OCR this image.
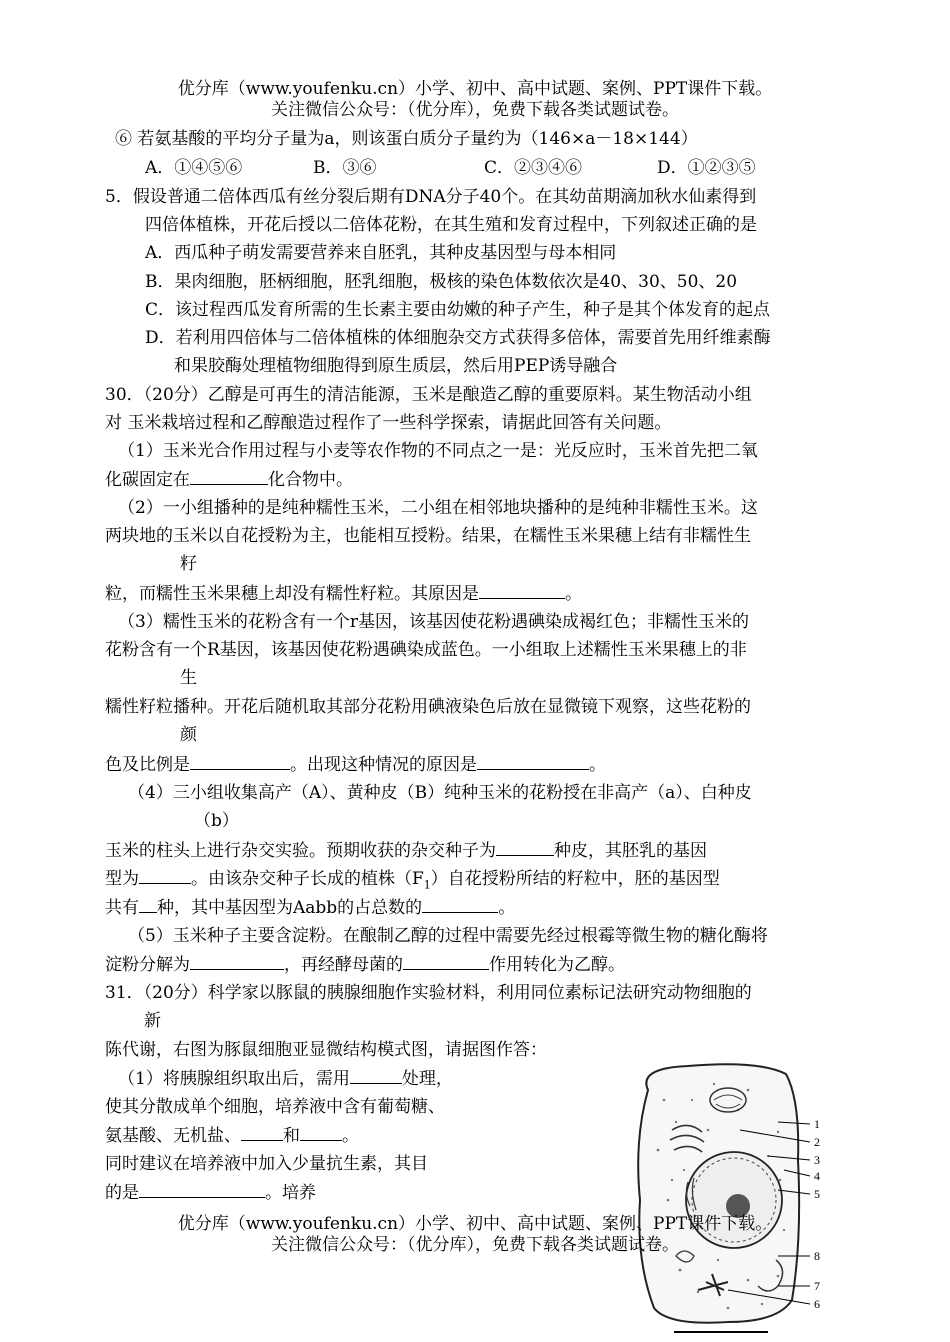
优分库（www.youfenku.cn）小学、初中、高中试题、案例、PPT课件下载。
关注微信公众号：（优分库），免费下载各类试题试卷。
⑥ 若氨基酸的平均分子量为a，则该蛋白质分子量约为（146×a－18×144）
A．①④⑤⑥	B．③⑥	C．②③④⑥	D．①②③⑤
5．假设普通二倍体西瓜有丝分裂后期有DNA分子40个。在其幼苗期滴加秋水仙素得到
四倍体植株，开花后授以二倍体花粉，在其生殖和发育过程中，下列叙述正确的是
A．西瓜种子萌发需要营养来自胚乳，其种皮基因型与母本相同
B．果肉细胞，胚柄细胞，胚乳细胞，极核的染色体数依次是40、30、50、20
C．该过程西瓜发育所需的生长素主要由幼嫩的种子产生，种子是其个体发育的起点
D．若利用四倍体与二倍体植株的体细胞杂交方式获得多倍体，需要首先用纤维素酶
和果胶酶处理植物细胞得到原生质层，然后用PEP诱导融合
30．（20分）乙醇是可再生的清洁能源，玉米是酿造乙醇的重要原料。某生物活动小组
对 玉米栽培过程和乙醇酿造过程作了一些科学探索，请据此回答有关问题。
（1）玉米光合作用过程与小麦等农作物的不同点之一是：光反应时，玉米首先把二氧
化碳固定在	化合物中。
（2）一小组播种的是纯种糯性玉米，二小组在相邻地块播种的是纯种非糯性玉米。这
两块地的玉米以自花授粉为主，也能相互授粉。结果，在糯性玉米果穗上结有非糯性生
籽
粒，而糯性玉米果穗上却没有糯性籽粒。其原因是	。
（3）糯性玉米的花粉含有一个r基因，该基因使花粉遇碘染成褐红色；非糯性玉米的
花粉含有一个R基因，该基因使花粉遇碘染成蓝色。一小组取上述糯性玉米果穗上的非
生
糯性籽粒播种。开花后随机取其部分花粉用碘液染色后放在显微镜下观察，这些花粉的
颜
色及比例是	。出现这种情况的原因是	。
（4）三小组收集高产（A）、黄种皮（B）纯种玉米的花粉授在非高产（a）、白种皮
（b）
玉米的柱头上进行杂交实验。预期收获的杂交种子为	种皮，其胚乳的基因
型为	。由该杂交种子长成的植株$(F_1)$自花授粉所结的籽粒中，胚的基因型
共有 种，其中基因型为Aabb的占总数的	。
（5）玉米种子主要含淀粉。在酿制乙醇的过程中需要先经过根霉等微生物的糖化酶将
淀粉分解为	，再经酵母菌的	作用转化为乙醇。
31．（20分）科学家以豚鼠的胰腺细胞作实验材料，利用同位素标记法研究动物细胞的
新
陈代谢，右图为豚鼠细胞亚显微结构模式图，请据图作答：
（1）将胰腺组织取出后，需用	处理，
使其分散成单个细胞，培养液中含有葡萄糖、
氨基酸、无机盐、 和 。
同时建议在培养液中加入少量抗生素，其目
的是	。培养
1
2
3
4
5
8
7
6
优分库（www.youfenku.cn）小学、初中、高中试题、案例、PPT课件下载。
关注微信公众号：（优分库），免费下载各类试题试卷。
